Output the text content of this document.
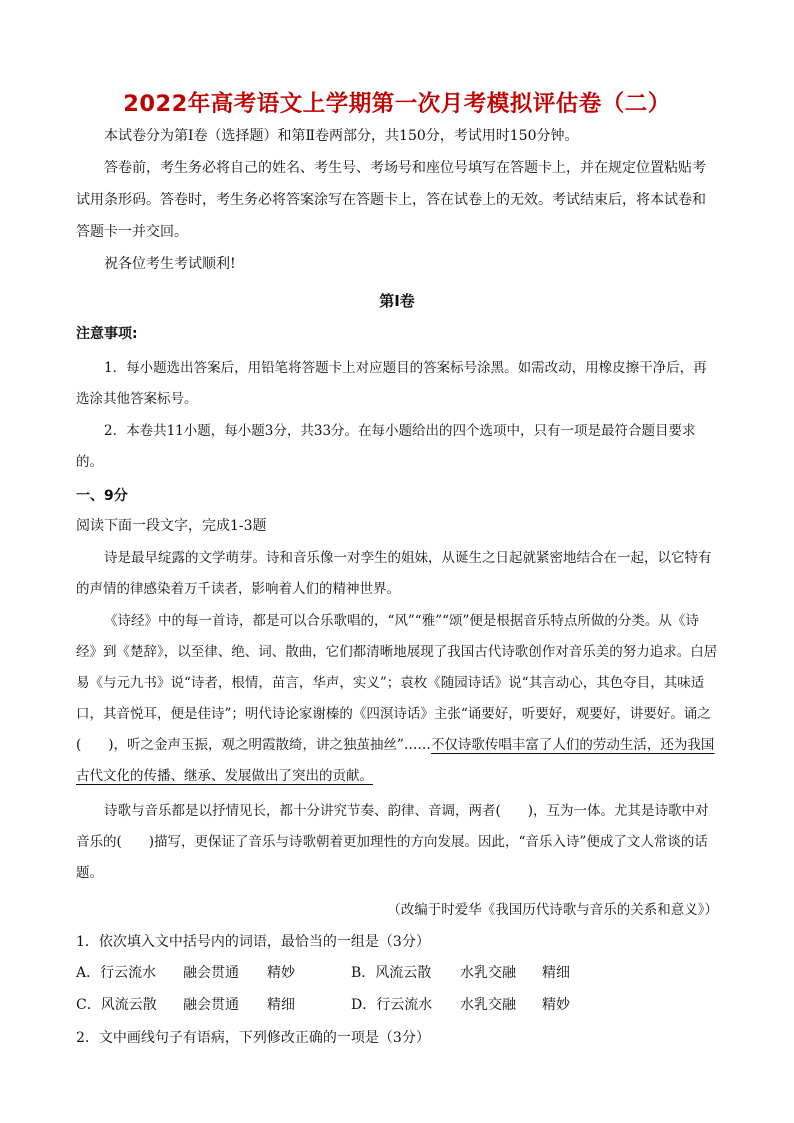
2022年高考语文上学期第一次月考模拟评估卷（二）
本试卷分为第Ⅰ卷（选择题）和第Ⅱ卷两部分，共150分，考试用时150分钟。
答卷前，考生务必将自己的姓名、考生号、考场号和座位号填写在答题卡上，并在规定位置粘贴考试用条形码。答卷时，考生务必将答案涂写在答题卡上，答在试卷上的无效。考试结束后，将本试卷和答题卡一并交回。
祝各位考生考试顺利!
第Ⅰ卷
注意事项:
1．每小题选出答案后，用铅笔将答题卡上对应题目的答案标号涂黑。如需改动，用橡皮擦干净后，再选涂其他答案标号。
2．本卷共11小题，每小题3分，共33分。在每小题给出的四个选项中，只有一项是最符合题目要求的。
一、9分
阅读下面一段文字，完成1-3题
诗是最早绽露的文学萌芽。诗和音乐像一对孪生的姐妹，从诞生之日起就紧密地结合在一起，以它特有的声情的律感染着万千读者，影响着人们的精神世界。
《诗经》中的每一首诗，都是可以合乐歌唱的，“风”“雅”“颂”便是根据音乐特点所做的分类。从《诗经》到《楚辞》，以至律、绝、词、散曲，它们都清晰地展现了我国古代诗歌创作对音乐美的努力追求。白居易《与元九书》说“诗者，根情，苗言，华声，实义”；袁枚《随园诗话》说“其言动心，其色夺目，其味适口，其音悦耳，便是佳诗”；明代诗论家谢榛的《四溟诗话》主张“诵要好，听要好，观要好，讲要好。诵之(　　)，听之金声玉振，观之明霞散绮，讲之独茧抽丝”……不仅诗歌传唱丰富了人们的劳动生活，还为我国古代文化的传播、继承、发展做出了突出的贡献。
诗歌与音乐都是以抒情见长，都十分讲究节奏、韵律、音调，两者(　　)，互为一体。尤其是诗歌中对音乐的(　　)描写，更保证了音乐与诗歌朝着更加理性的方向发展。因此，“音乐入诗”便成了文人常谈的话题。
（改编于时爱华《我国历代诗歌与音乐的关系和意义》）
1．依次填入文中括号内的词语，最恰当的一组是（3分）
A．行云流水 融会贯通 精妙	B．风流云散 水乳交融 精细
C．风流云散 融会贯通 精细	D．行云流水 水乳交融 精妙
2．文中画线句子有语病，下列修改正确的一项是（3分）
